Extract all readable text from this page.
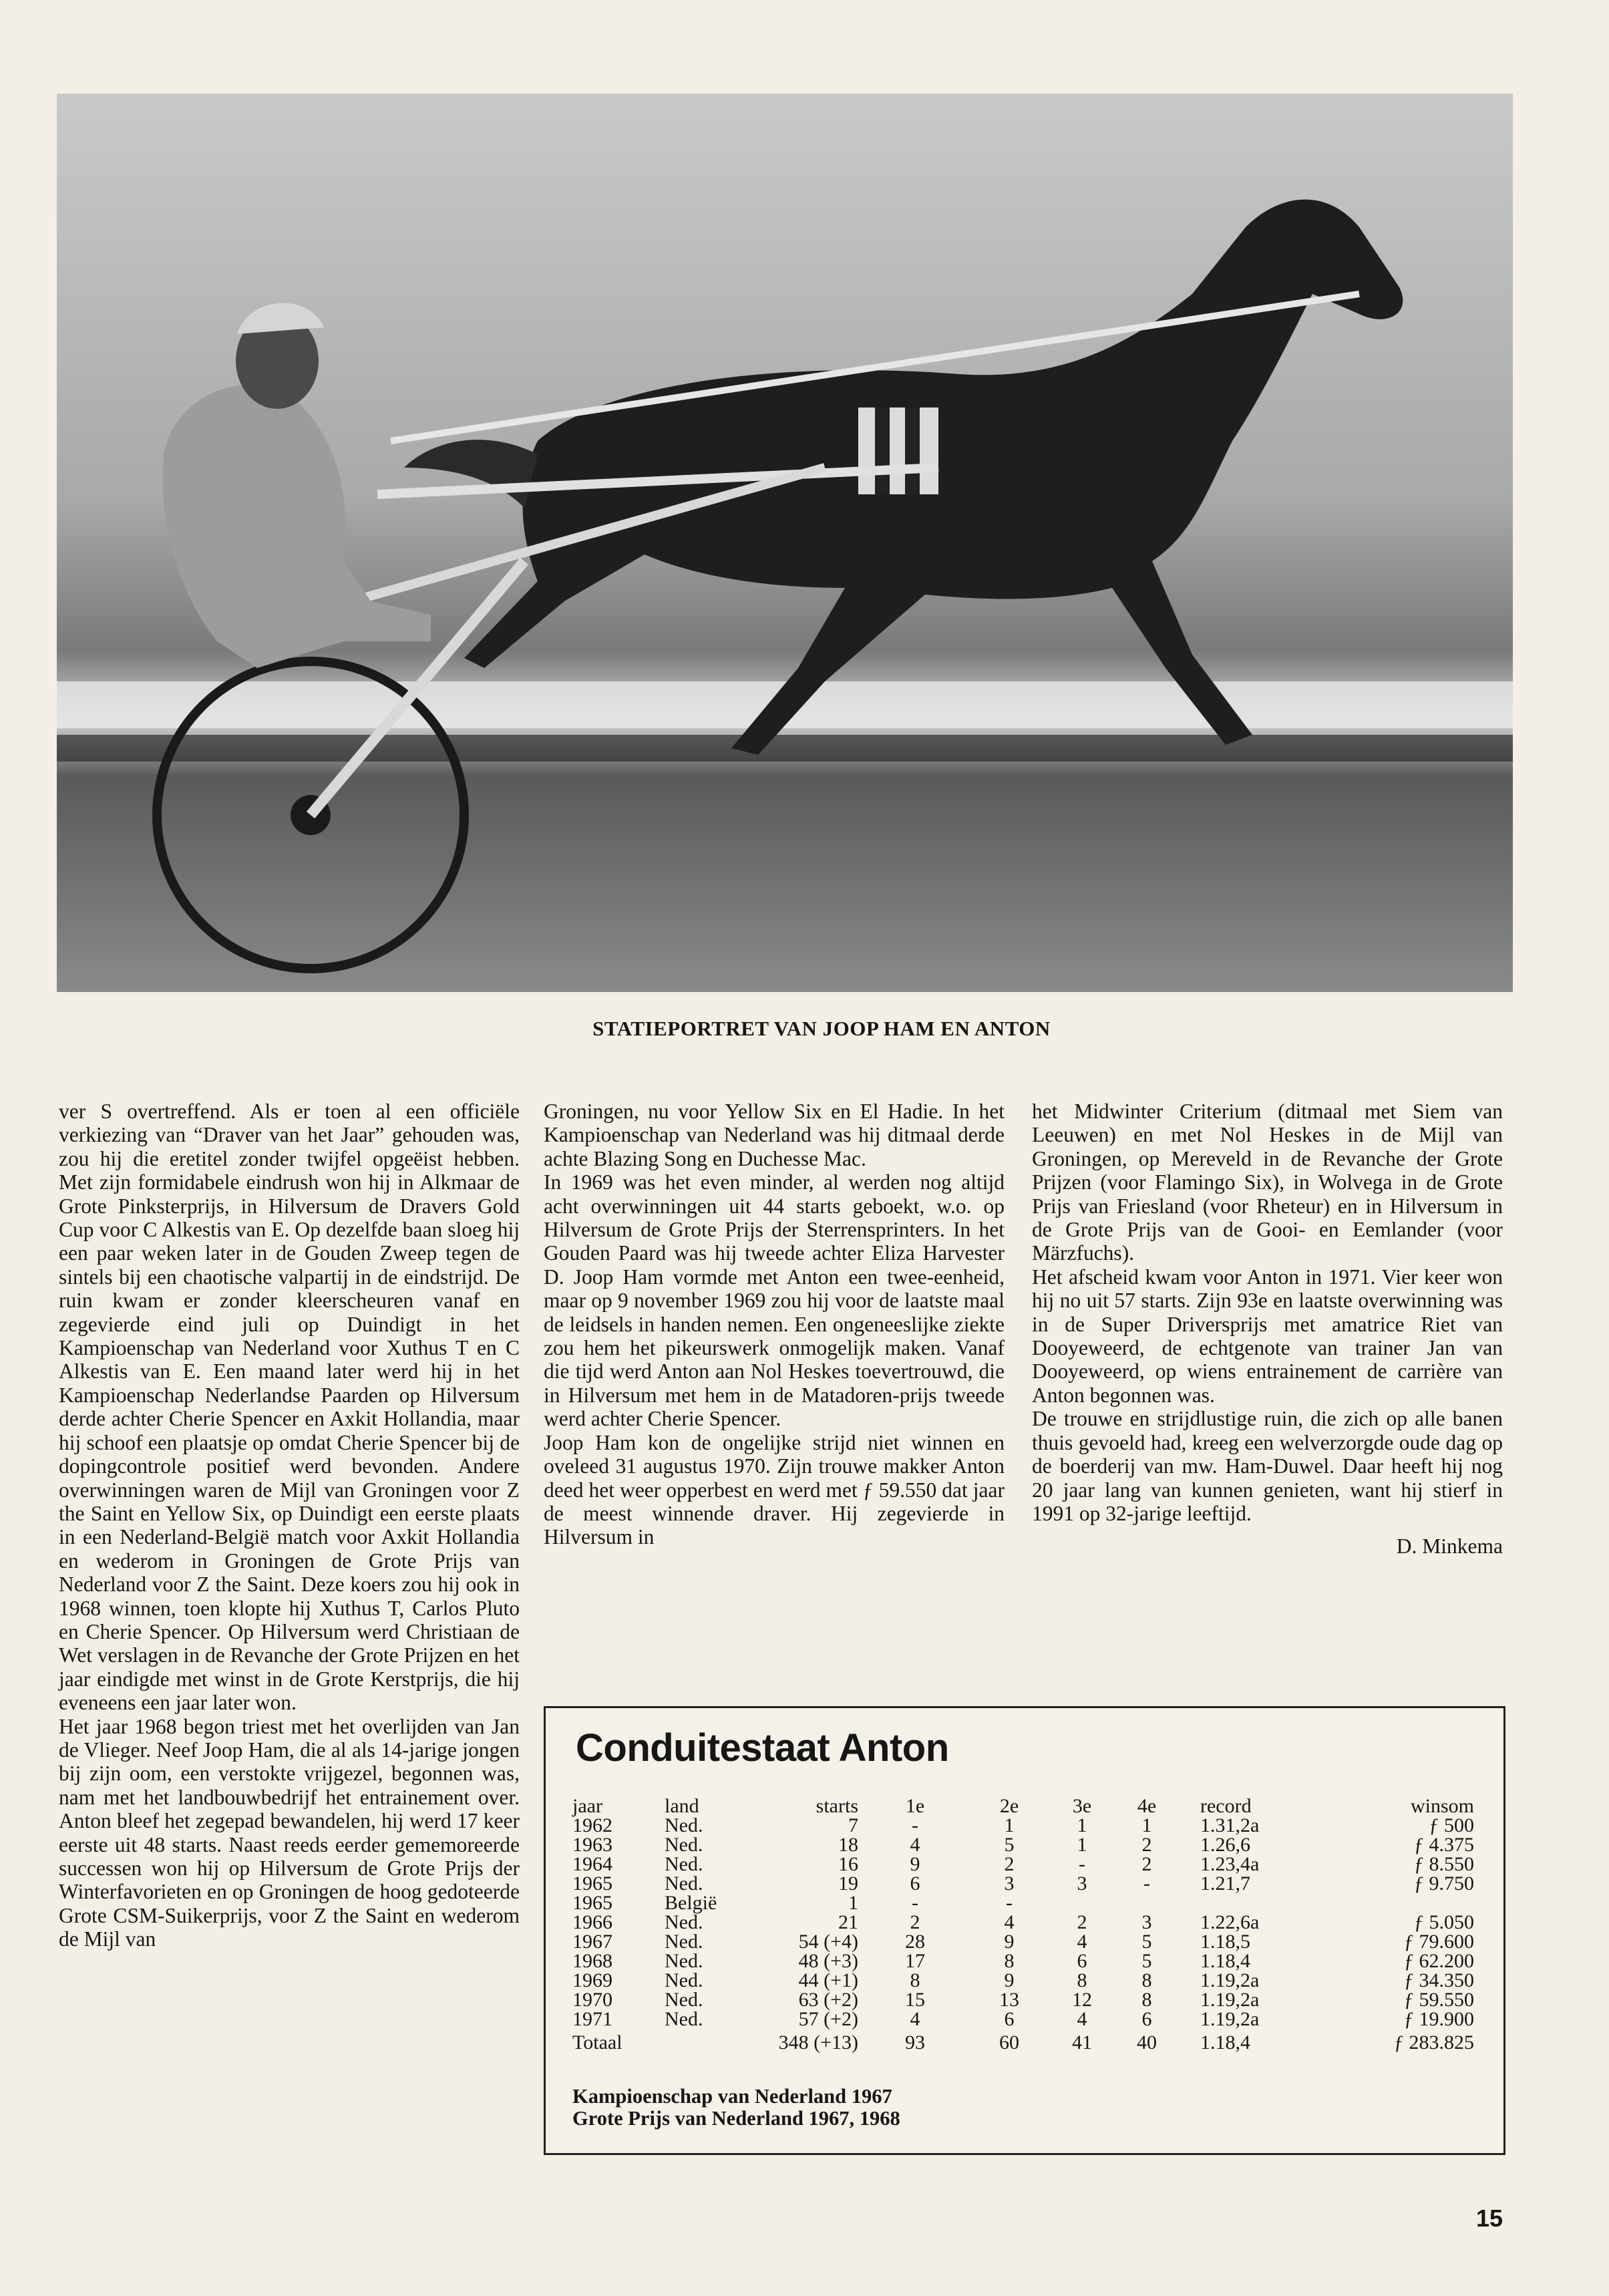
STATIEPORTRET VAN JOOP HAM EN ANTON

ver S overtreffend. Als er toen al een officiële verkiezing van “Draver van het Jaar” gehouden was, zou hij die eretitel zonder twijfel opgeëist hebben. Met zijn formidabele eindrush won hij in Alkmaar de Grote Pinksterprijs, in Hilversum de Dravers Gold Cup voor C Alkestis van E. Op dezelfde baan sloeg hij een paar weken later in de Gouden Zweep tegen de sintels bij een chaotische valpartij in de eindstrijd. De ruin kwam er zonder kleerscheuren vanaf en zegevierde eind juli op Duindigt in het Kampioenschap van Nederland voor Xuthus T en C Alkestis van E. Een maand later werd hij in het Kampioenschap Nederlandse Paarden op Hilversum derde achter Cherie Spencer en Axkit Hollandia, maar hij schoof een plaatsje op omdat Cherie Spencer bij de dopingcontrole positief werd bevonden. Andere overwinningen waren de Mijl van Groningen voor Z the Saint en Yellow Six, op Duindigt een eerste plaats in een Nederland-België match voor Axkit Hollandia en wederom in Groningen de Grote Prijs van Nederland voor Z the Saint. Deze koers zou hij ook in 1968 winnen, toen klopte hij Xuthus T, Carlos Pluto en Cherie Spencer. Op Hilversum werd Christiaan de Wet verslagen in de Revanche der Grote Prijzen en het jaar eindigde met winst in de Grote Kerstprijs, die hij eveneens een jaar later won.

Het jaar 1968 begon triest met het overlijden van Jan de Vlieger. Neef Joop Ham, die al als 14-jarige jongen bij zijn oom, een verstokte vrijgezel, begonnen was, nam met het landbouwbedrijf het entrainement over. Anton bleef het zegepad bewandelen, hij werd 17 keer eerste uit 48 starts. Naast reeds eerder gememoreerde successen won hij op Hilversum de Grote Prijs der Winterfavorieten en op Groningen de hoog gedoteerde Grote CSM-Suikerprijs, voor Z the Saint en wederom de Mijl van

Groningen, nu voor Yellow Six en El Hadie. In het Kampioenschap van Nederland was hij ditmaal derde achte Blazing Song en Duchesse Mac.

In 1969 was het even minder, al werden nog altijd acht overwinningen uit 44 starts geboekt, w.o. op Hilversum de Grote Prijs der Sterrensprinters. In het Gouden Paard was hij tweede achter Eliza Harvester D. Joop Ham vormde met Anton een twee-eenheid, maar op 9 november 1969 zou hij voor de laatste maal de leidsels in handen nemen. Een ongeneeslijke ziekte zou hem het pikeurswerk onmogelijk maken. Vanaf die tijd werd Anton aan Nol Heskes toevertrouwd, die in Hilversum met hem in de Matadoren-prijs tweede werd achter Cherie Spencer.

Joop Ham kon de ongelijke strijd niet winnen en oveleed 31 augustus 1970. Zijn trouwe makker Anton deed het weer opperbest en werd met ƒ 59.550 dat jaar de meest winnende draver. Hij zegevierde in Hilversum in

het Midwinter Criterium (ditmaal met Siem van Leeuwen) en met Nol Heskes in de Mijl van Groningen, op Mereveld in de Revanche der Grote Prijzen (voor Flamingo Six), in Wolvega in de Grote Prijs van Friesland (voor Rheteur) en in Hilversum in de Grote Prijs van de Gooi- en Eemlander (voor Märzfuchs).

Het afscheid kwam voor Anton in 1971. Vier keer won hij no uit 57 starts. Zijn 93e en laatste overwinning was in de Super Driversprijs met amatrice Riet van Dooyeweerd, de echtgenote van trainer Jan van Dooyeweerd, op wiens entrainement de carrière van Anton begonnen was.

De trouwe en strijdlustige ruin, die zich op alle banen thuis gevoeld had, kreeg een welverzorgde oude dag op de boerderij van mw. Ham-Duwel. Daar heeft hij nog 20 jaar lang van kunnen genieten, want hij stierf in 1991 op 32-jarige leeftijd.

D. Minkema

Conduitestaat Anton
jaar	land	starts	1e	2e	3e	4e	record	winsom
1962	Ned.	7	-	1	1	1	1.31,2a	ƒ 500
1963	Ned.	18	4	5	1	2	1.26,6	ƒ 4.375
1964	Ned.	16	9	2	-	2	1.23,4a	ƒ 8.550
1965	Ned.	19	6	3	3	-	1.21,7	ƒ 9.750
1965	België	1	-	-				
1966	Ned.	21	2	4	2	3	1.22,6a	ƒ 5.050
1967	Ned.	54 (+4)	28	9	4	5	1.18,5	ƒ 79.600
1968	Ned.	48 (+3)	17	8	6	5	1.18,4	ƒ 62.200
1969	Ned.	44 (+1)	8	9	8	8	1.19,2a	ƒ 34.350
1970	Ned.	63 (+2)	15	13	12	8	1.19,2a	ƒ 59.550
1971	Ned.	57 (+2)	4	6	4	6	1.19,2a	ƒ 19.900
Totaal		348 (+13)	93	60	41	40	1.18,4	ƒ 283.825
Kampioenschap van Nederland 1967
Grote Prijs van Nederland 1967, 1968
15
